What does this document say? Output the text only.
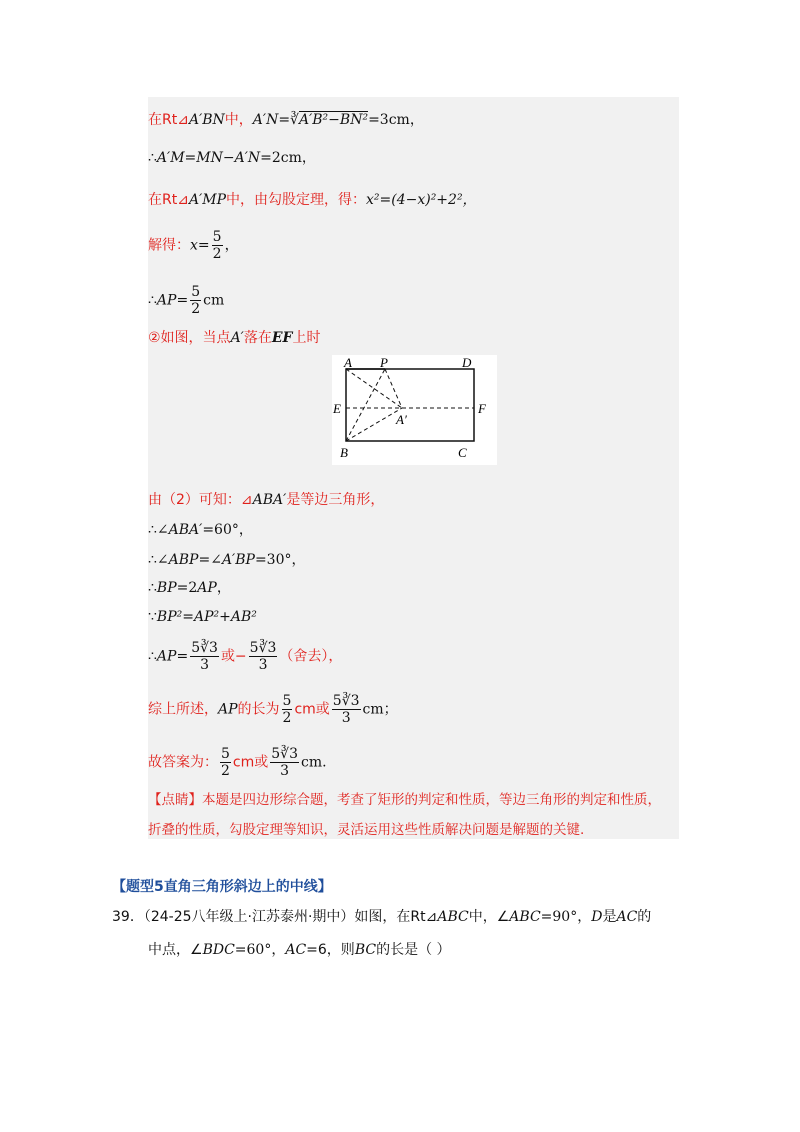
在Rt⊿A′BN中，A′N=∛A′B²−BN²=3cm，
∴A′M=MN−A′N=2cm，
在Rt⊿A′MP中，由勾股定理，得：x²=(4−x)²+2²，
解得：$x= \frac{5}{2}$ ，
∴AP= $\frac{5}{2}$ cm
②如图，当点A′落在EF上时
A P	D
E	F
A′
B	C
由（2）可知：⊿ABA′是等边三角形，
∴∠ABA′=60°，
∴∠ABP=∠A′BP=30°，
∴BP=2AP，
∵BP²=AP²+AB²
∴AP= $\frac{5∛3}{3}$ 或− $\frac{5∛3}{3}$ （舍去），
综上所述，AP的长为 $\frac{5}{2}$ cm或 $\frac{5∛3}{3}$ cm；
故答案为： $\frac{5}{2}$ cm或 $\frac{5∛3}{3}$ cm.
【点睛】本题是四边形综合题，考查了矩形的判定和性质，等边三角形的判定和性质，
折叠的性质，勾股定理等知识，灵活运用这些性质解决问题是解题的关键.
【题型5直角三角形斜边上的中线】
39．（24-25八年级上·江苏泰州·期中）如图，在Rt⊿ABC中，∠ABC=90°，D是AC的
中点，∠BDC=60°，AC=6，则BC的长是（ ）
